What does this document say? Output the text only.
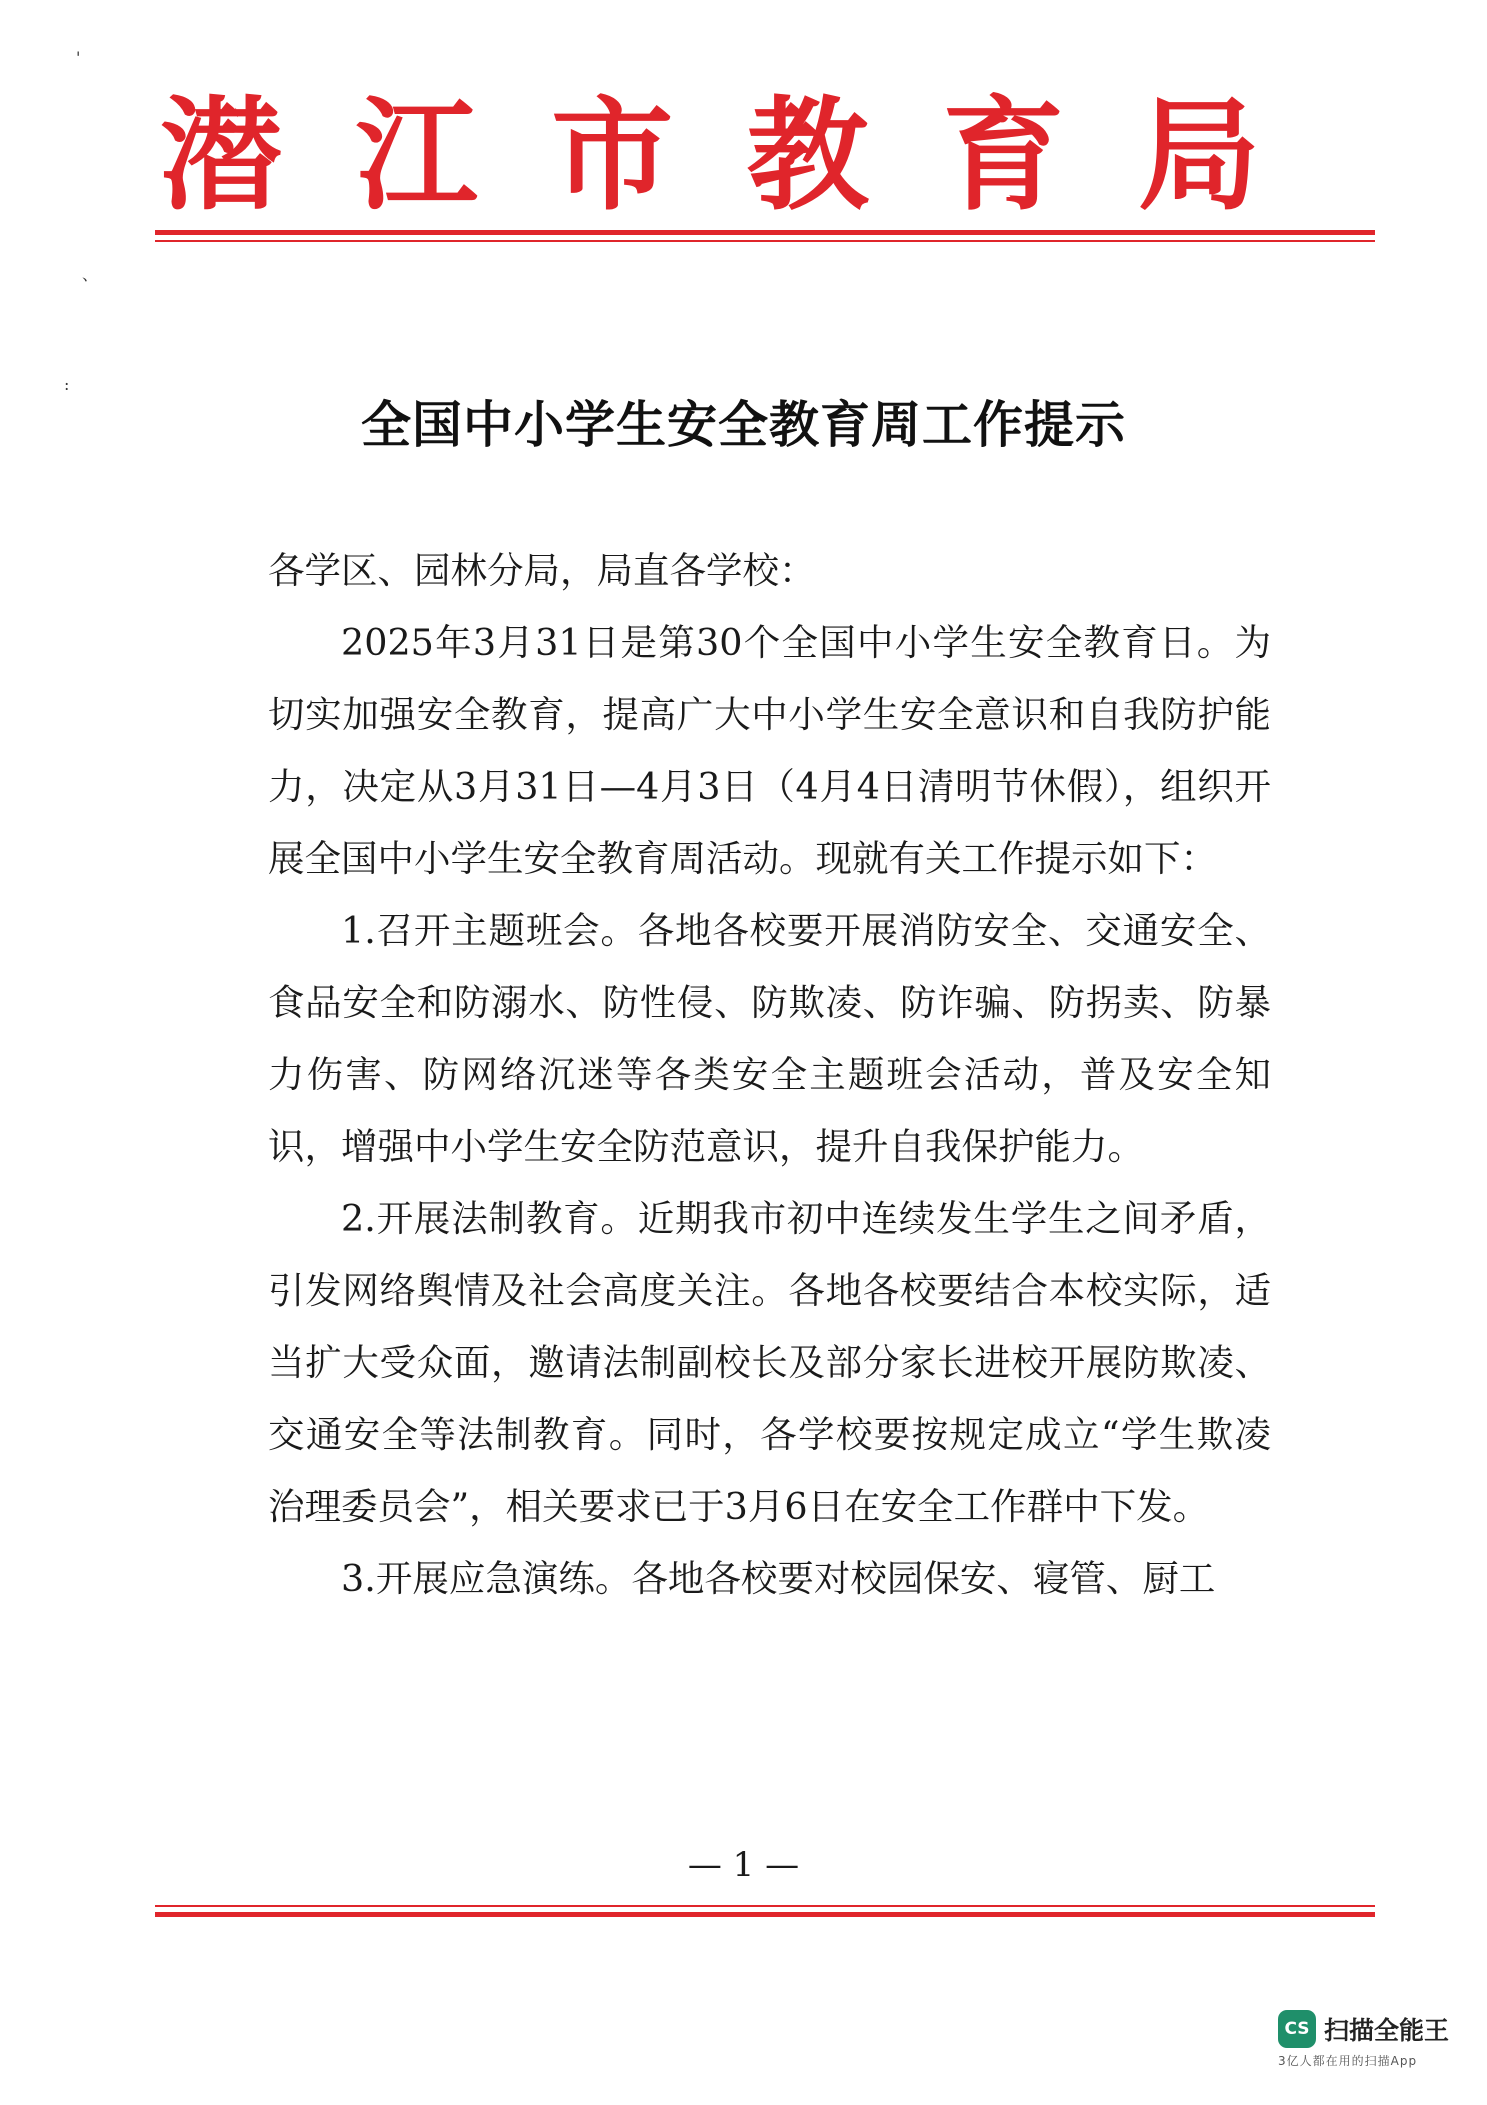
'
、
:
潜 江 市 教 育 局
全国中小学生安全教育周工作提示

各学区、园林分局，局直各学校：

2025年3月31日是第30个全国中小学生安全教育日。为切实加强安全教育，提高广大中小学生安全意识和自我防护能力，决定从3月31日—4月3日（4月4日清明节休假），组织开展全国中小学生安全教育周活动。现就有关工作提示如下：

1.召开主题班会。各地各校要开展消防安全、交通安全、食品安全和防溺水、防性侵、防欺凌、防诈骗、防拐卖、防暴力伤害、防网络沉迷等各类安全主题班会活动，普及安全知识，增强中小学生安全防范意识，提升自我保护能力。

2.开展法制教育。近期我市初中连续发生学生之间矛盾，引发网络舆情及社会高度关注。各地各校要结合本校实际，适当扩大受众面，邀请法制副校长及部分家长进校开展防欺凌、交通安全等法制教育。同时，各学校要按规定成立“学生欺凌治理委员会”，相关要求已于3月6日在安全工作群中下发。

3.开展应急演练。各地各校要对校园保安、寝管、厨工

— 1 —
CS 扫描全能王
3亿人都在用的扫描App
